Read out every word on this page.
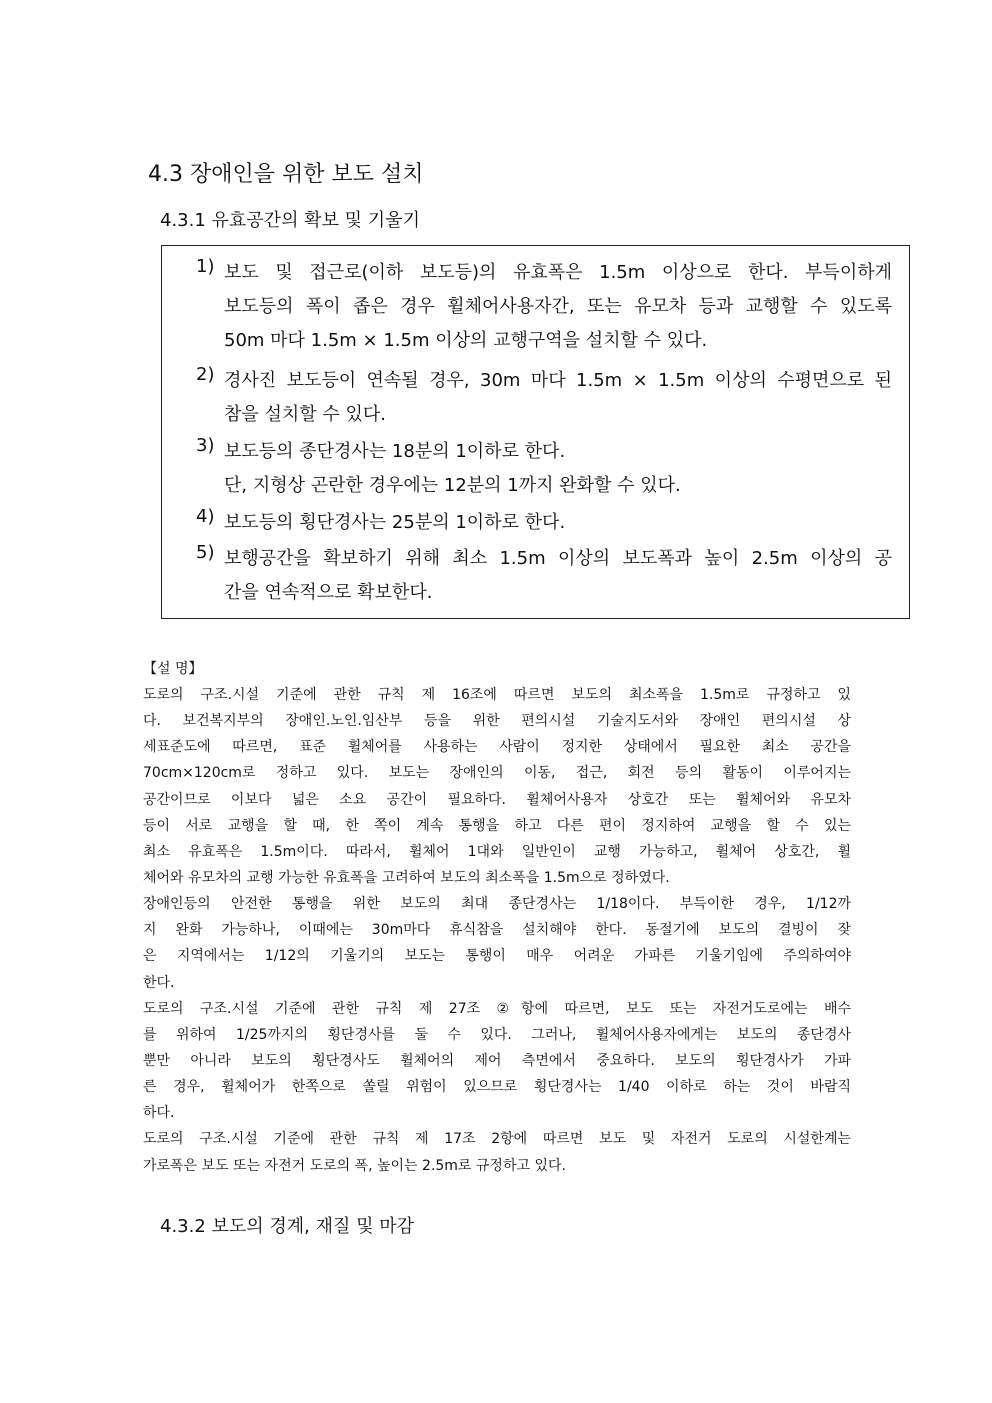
4.3 장애인을 위한 보도 설치
4.3.1 유효공간의 확보 및 기울기
1) 보도 및 접근로(이하 보도등)의 유효폭은 1.5m 이상으로 한다. 부득이하게
보도등의 폭이 좁은 경우 휠체어사용자간, 또는 유모차 등과 교행할 수 있도록
50m 마다 1.5m × 1.5m 이상의 교행구역을 설치할 수 있다.
2) 경사진 보도등이 연속될 경우, 30m 마다 1.5m × 1.5m 이상의 수평면으로 된
참을 설치할 수 있다.
3) 보도등의 종단경사는 18분의 1이하로 한다.
단, 지형상 곤란한 경우에는 12분의 1까지 완화할 수 있다.
4) 보도등의 횡단경사는 25분의 1이하로 한다.
5) 보행공간을 확보하기 위해 최소 1.5m 이상의 보도폭과 높이 2.5m 이상의 공
간을 연속적으로 확보한다.
【설 명】
도로의 구조.시설 기준에 관한 규칙 제 16조에 따르면 보도의 최소폭을 1.5m로 규정하고 있
다. 보건복지부의 장애인.노인.임산부 등을 위한 편의시설 기술지도서와 장애인 편의시설 상
세표준도에 따르면, 표준 휠체어를 사용하는 사람이 정지한 상태에서 필요한 최소 공간을
70cm×120cm로 정하고 있다. 보도는 장애인의 이동, 접근, 회전 등의 활동이 이루어지는
공간이므로 이보다 넓은 소요 공간이 필요하다. 휠체어사용자 상호간 또는 휠체어와 유모차
등이 서로 교행을 할 때, 한 쪽이 계속 통행을 하고 다른 편이 정지하여 교행을 할 수 있는
최소 유효폭은 1.5m이다. 따라서, 휠체어 1대와 일반인이 교행 가능하고, 휠체어 상호간, 휠
체어와 유모차의 교행 가능한 유효폭을 고려하여 보도의 최소폭을 1.5m으로 정하였다.
장애인등의 안전한 통행을 위한 보도의 최대 종단경사는 1/18이다. 부득이한 경우, 1/12까
지 완화 가능하나, 이때에는 30m마다 휴식참을 설치해야 한다. 동절기에 보도의 결빙이 잦
은 지역에서는 1/12의 기울기의 보도는 통행이 매우 어려운 가파른 기울기임에 주의하여야
한다.
도로의 구조.시설 기준에 관한 규칙 제 27조 ②항에 따르면, 보도 또는 자전거도로에는 배수
를 위하여 1/25까지의 횡단경사를 둘 수 있다. 그러나, 휠체어사용자에게는 보도의 종단경사
뿐만 아니라 보도의 횡단경사도 휠체어의 제어 측면에서 중요하다. 보도의 횡단경사가 가파
른 경우, 휠체어가 한쪽으로 쏠릴 위험이 있으므로 횡단경사는 1/40 이하로 하는 것이 바람직
하다.
도로의 구조.시설 기준에 관한 규칙 제 17조 2항에 따르면 보도 및 자전거 도로의 시설한계는
가로폭은 보도 또는 자전거 도로의 폭, 높이는 2.5m로 규정하고 있다.
4.3.2 보도의 경계, 재질 및 마감
